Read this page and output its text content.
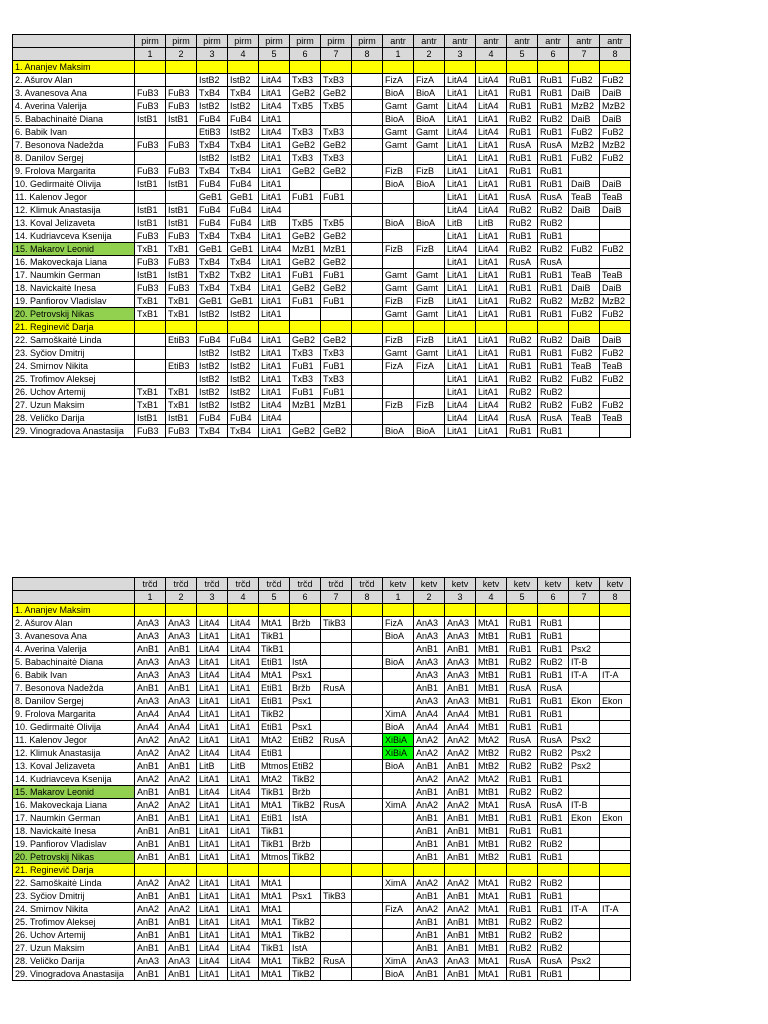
	pirm	pirm	pirm	pirm	pirm	pirm	pirm	pirm	antr	antr	antr	antr	antr	antr	antr	antr
	1	2	3	4	5	6	7	8	1	2	3	4	5	6	7	8
1. Ananjev Maksim																
2. Ašurov Alan			IstB2	IstB2	LitA4	TxB3	TxB3		FizA	FizA	LitA4	LitA4	RuB1	RuB1	FuB2	FuB2
3. Avanesova Ana	FuB3	FuB3	TxB4	TxB4	LitA1	GeB2	GeB2		BioA	BioA	LitA1	LitA1	RuB1	RuB1	DaiB	DaiB
4. Averina Valerija	FuB3	FuB3	IstB2	IstB2	LitA4	TxB5	TxB5		Gamt	Gamt	LitA4	LitA4	RuB1	RuB1	MzB2	MzB2
5. Babachinaitė Diana	IstB1	IstB1	FuB4	FuB4	LitA1				BioA	BioA	LitA1	LitA1	RuB2	RuB2	DaiB	DaiB
6. Babik Ivan			EtiB3	IstB2	LitA4	TxB3	TxB3		Gamt	Gamt	LitA4	LitA4	RuB1	RuB1	FuB2	FuB2
7. Besonova Nadežda	FuB3	FuB3	TxB4	TxB4	LitA1	GeB2	GeB2		Gamt	Gamt	LitA1	LitA1	RusA	RusA	MzB2	MzB2
8. Danilov Sergej			IstB2	IstB2	LitA1	TxB3	TxB3				LitA1	LitA1	RuB1	RuB1	FuB2	FuB2
9. Frolova Margarita	FuB3	FuB3	TxB4	TxB4	LitA1	GeB2	GeB2		FizB	FizB	LitA1	LitA1	RuB1	RuB1		
10. Gedirmaitė Olivija	IstB1	IstB1	FuB4	FuB4	LitA1				BioA	BioA	LitA1	LitA1	RuB1	RuB1	DaiB	DaiB
11. Kalenov Jegor			GeB1	GeB1	LitA1	FuB1	FuB1				LitA1	LitA1	RusA	RusA	TeaB	TeaB
12. Klimuk Anastasija	IstB1	IstB1	FuB4	FuB4	LitA4						LitA4	LitA4	RuB2	RuB2	DaiB	DaiB
13. Koval Jelizaveta	IstB1	IstB1	FuB4	FuB4	LitB	TxB5	TxB5		BioA	BioA	LitB	LitB	RuB2	RuB2		
14. Kudriavceva Ksenija	FuB3	FuB3	TxB4	TxB4	LitA1	GeB2	GeB2				LitA1	LitA1	RuB1	RuB1		
15. Makarov Leonid	TxB1	TxB1	GeB1	GeB1	LitA4	MzB1	MzB1		FizB	FizB	LitA4	LitA4	RuB2	RuB2	FuB2	FuB2
16. Makoveckaja Liana	FuB3	FuB3	TxB4	TxB4	LitA1	GeB2	GeB2				LitA1	LitA1	RusA	RusA		
17. Naumkin German	IstB1	IstB1	TxB2	TxB2	LitA1	FuB1	FuB1		Gamt	Gamt	LitA1	LitA1	RuB1	RuB1	TeaB	TeaB
18. Navickaitė Inesa	FuB3	FuB3	TxB4	TxB4	LitA1	GeB2	GeB2		Gamt	Gamt	LitA1	LitA1	RuB1	RuB1	DaiB	DaiB
19. Panfiorov Vladislav	TxB1	TxB1	GeB1	GeB1	LitA1	FuB1	FuB1		FizB	FizB	LitA1	LitA1	RuB2	RuB2	MzB2	MzB2
20. Petrovskij Nikas	TxB1	TxB1	IstB2	IstB2	LitA1				Gamt	Gamt	LitA1	LitA1	RuB1	RuB1	FuB2	FuB2
21. Reginevič Darja																
22. Samoškaitė Linda		EtiB3	FuB4	FuB4	LitA1	GeB2	GeB2		FizB	FizB	LitA1	LitA1	RuB2	RuB2	DaiB	DaiB
23. Syčiov Dmitrij			IstB2	IstB2	LitA1	TxB3	TxB3		Gamt	Gamt	LitA1	LitA1	RuB1	RuB1	FuB2	FuB2
24. Smirnov Nikita		EtiB3	IstB2	IstB2	LitA1	FuB1	FuB1		FizA	FizA	LitA1	LitA1	RuB1	RuB1	TeaB	TeaB
25. Trofimov Aleksej			IstB2	IstB2	LitA1	TxB3	TxB3				LitA1	LitA1	RuB2	RuB2	FuB2	FuB2
26. Uchov Artemij	TxB1	TxB1	IstB2	IstB2	LitA1	FuB1	FuB1				LitA1	LitA1	RuB2	RuB2		
27. Uzun Maksim	TxB1	TxB1	IstB2	IstB2	LitA4	MzB1	MzB1		FizB	FizB	LitA4	LitA4	RuB2	RuB2	FuB2	FuB2
28. Veličko Darija	IstB1	IstB1	FuB4	FuB4	LitA4						LitA4	LitA4	RusA	RusA	TeaB	TeaB
29. Vinogradova Anastasija	FuB3	FuB3	TxB4	TxB4	LitA1	GeB2	GeB2		BioA	BioA	LitA1	LitA1	RuB1	RuB1		
	trčd	trčd	trčd	trčd	trčd	trčd	trčd	trčd	ketv	ketv	ketv	ketv	ketv	ketv	ketv	ketv
	1	2	3	4	5	6	7	8	1	2	3	4	5	6	7	8
1. Ananjev Maksim																
2. Ašurov Alan	AnA3	AnA3	LitA4	LitA4	MtA1	Bržb	TikB3		FizA	AnA3	AnA3	MtA1	RuB1	RuB1		
3. Avanesova Ana	AnA3	AnA3	LitA1	LitA1	TikB1				BioA	AnA3	AnA3	MtB1	RuB1	RuB1		
4. Averina Valerija	AnB1	AnB1	LitA4	LitA4	TikB1					AnB1	AnB1	MtB1	RuB1	RuB1	Psx2	
5. Babachinaitė Diana	AnA3	AnA3	LitA1	LitA1	EtiB1	IstA			BioA	AnA3	AnA3	MtB1	RuB2	RuB2	IT-B	
6. Babik Ivan	AnA3	AnA3	LitA4	LitA4	MtA1	Psx1				AnA3	AnA3	MtB1	RuB1	RuB1	IT-A	IT-A
7. Besonova Nadežda	AnB1	AnB1	LitA1	LitA1	EtiB1	Bržb	RusA			AnB1	AnB1	MtB1	RusA	RusA		
8. Danilov Sergej	AnA3	AnA3	LitA1	LitA1	EtiB1	Psx1				AnA3	AnA3	MtB1	RuB1	RuB1	Ekon	Ekon
9. Frolova Margarita	AnA4	AnA4	LitA1	LitA1	TikB2				XimA	AnA4	AnA4	MtB1	RuB1	RuB1		
10. Gedirmaitė Olivija	AnA4	AnA4	LitA1	LitA1	EtiB1	Psx1			BioA	AnA4	AnA4	MtB1	RuB1	RuB1		
11. Kalenov Jegor	AnA2	AnA2	LitA1	LitA1	MtA2	EtiB2	RusA		XiBiA	AnA2	AnA2	MtA2	RusA	RusA	Psx2	
12. Klimuk Anastasija	AnA2	AnA2	LitA4	LitA4	EtiB1				XiBiA	AnA2	AnA2	MtB2	RuB2	RuB2	Psx2	
13. Koval Jelizaveta	AnB1	AnB1	LitB	LitB	Mtmos	EtiB2			BioA	AnB1	AnB1	MtB2	RuB2	RuB2	Psx2	
14. Kudriavceva Ksenija	AnA2	AnA2	LitA1	LitA1	MtA2	TikB2				AnA2	AnA2	MtA2	RuB1	RuB1		
15. Makarov Leonid	AnB1	AnB1	LitA4	LitA4	TikB1	Bržb				AnB1	AnB1	MtB1	RuB2	RuB2		
16. Makoveckaja Liana	AnA2	AnA2	LitA1	LitA1	MtA1	TikB2	RusA		XimA	AnA2	AnA2	MtA1	RusA	RusA	IT-B	
17. Naumkin German	AnB1	AnB1	LitA1	LitA1	EtiB1	IstA				AnB1	AnB1	MtB1	RuB1	RuB1	Ekon	Ekon
18. Navickaitė Inesa	AnB1	AnB1	LitA1	LitA1	TikB1					AnB1	AnB1	MtB1	RuB1	RuB1		
19. Panfiorov Vladislav	AnB1	AnB1	LitA1	LitA1	TikB1	Bržb				AnB1	AnB1	MtB1	RuB2	RuB2		
20. Petrovskij Nikas	AnB1	AnB1	LitA1	LitA1	Mtmos	TikB2				AnB1	AnB1	MtB2	RuB1	RuB1		
21. Reginevič Darja																
22. Samoškaitė Linda	AnA2	AnA2	LitA1	LitA1	MtA1				XimA	AnA2	AnA2	MtA1	RuB2	RuB2		
23. Syčiov Dmitrij	AnB1	AnB1	LitA1	LitA1	MtA1	Psx1	TikB3			AnB1	AnB1	MtA1	RuB1	RuB1		
24. Smirnov Nikita	AnA2	AnA2	LitA1	LitA1	MtA1				FizA	AnA2	AnA2	MtA1	RuB1	RuB1	IT-A	IT-A
25. Trofimov Aleksej	AnB1	AnB1	LitA1	LitA1	MtA1	TikB2				AnB1	AnB1	MtB1	RuB2	RuB2		
26. Uchov Artemij	AnB1	AnB1	LitA1	LitA1	MtA1	TikB2				AnB1	AnB1	MtB1	RuB2	RuB2		
27. Uzun Maksim	AnB1	AnB1	LitA4	LitA4	TikB1	IstA				AnB1	AnB1	MtB1	RuB2	RuB2		
28. Veličko Darija	AnA3	AnA3	LitA4	LitA4	MtA1	TikB2	RusA		XimA	AnA3	AnA3	MtA1	RusA	RusA	Psx2	
29. Vinogradova Anastasija	AnB1	AnB1	LitA1	LitA1	MtA1	TikB2			BioA	AnB1	AnB1	MtA1	RuB1	RuB1		
